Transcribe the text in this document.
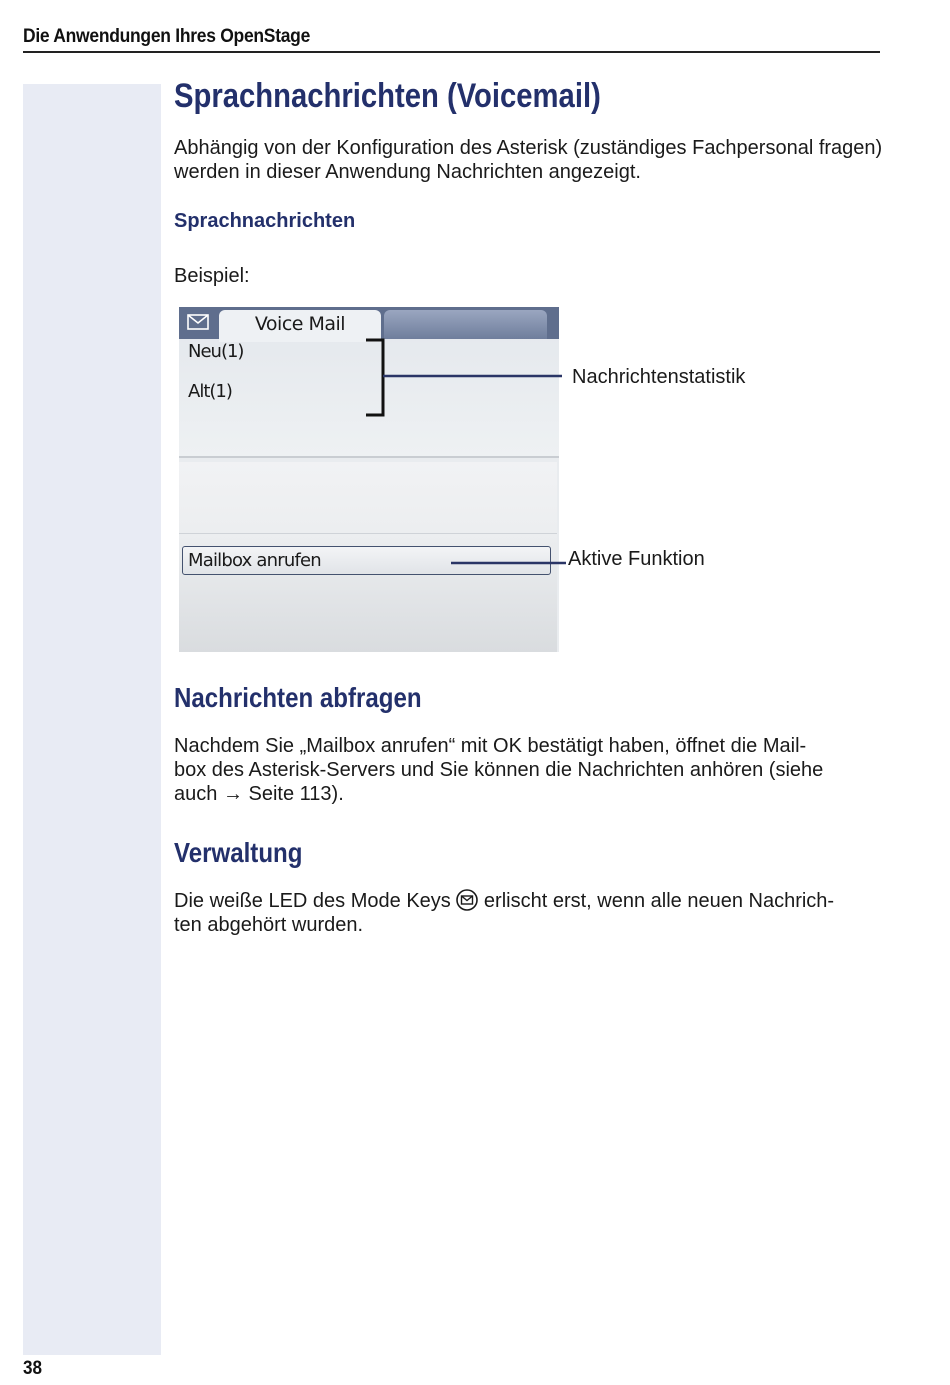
Die Anwendungen Ihres OpenStage
Sprachnachrichten (Voicemail)

Abhängig von der Konfiguration des Asterisk (zuständiges Fachpersonal fragen) werden in dieser Anwendung Nachrichten angezeigt.

Sprachnachrichten

Beispiel:

Voice Mail
Neu(1)
Alt(1)
Mailbox anrufen
Nachrichtenstatistik
Aktive Funktion
Nachrichten abfragen

Nachdem Sie „Mailbox anrufen“ mit OK bestätigt haben, öffnet die Mail-

box des Asterisk-Servers und Sie können die Nachrichten anhören (siehe

auch → Seite 113).

Verwaltung

Die weiße LED des Mode Keys erlischt erst, wenn alle neuen Nachrich-

ten abgehört wurden.

38
